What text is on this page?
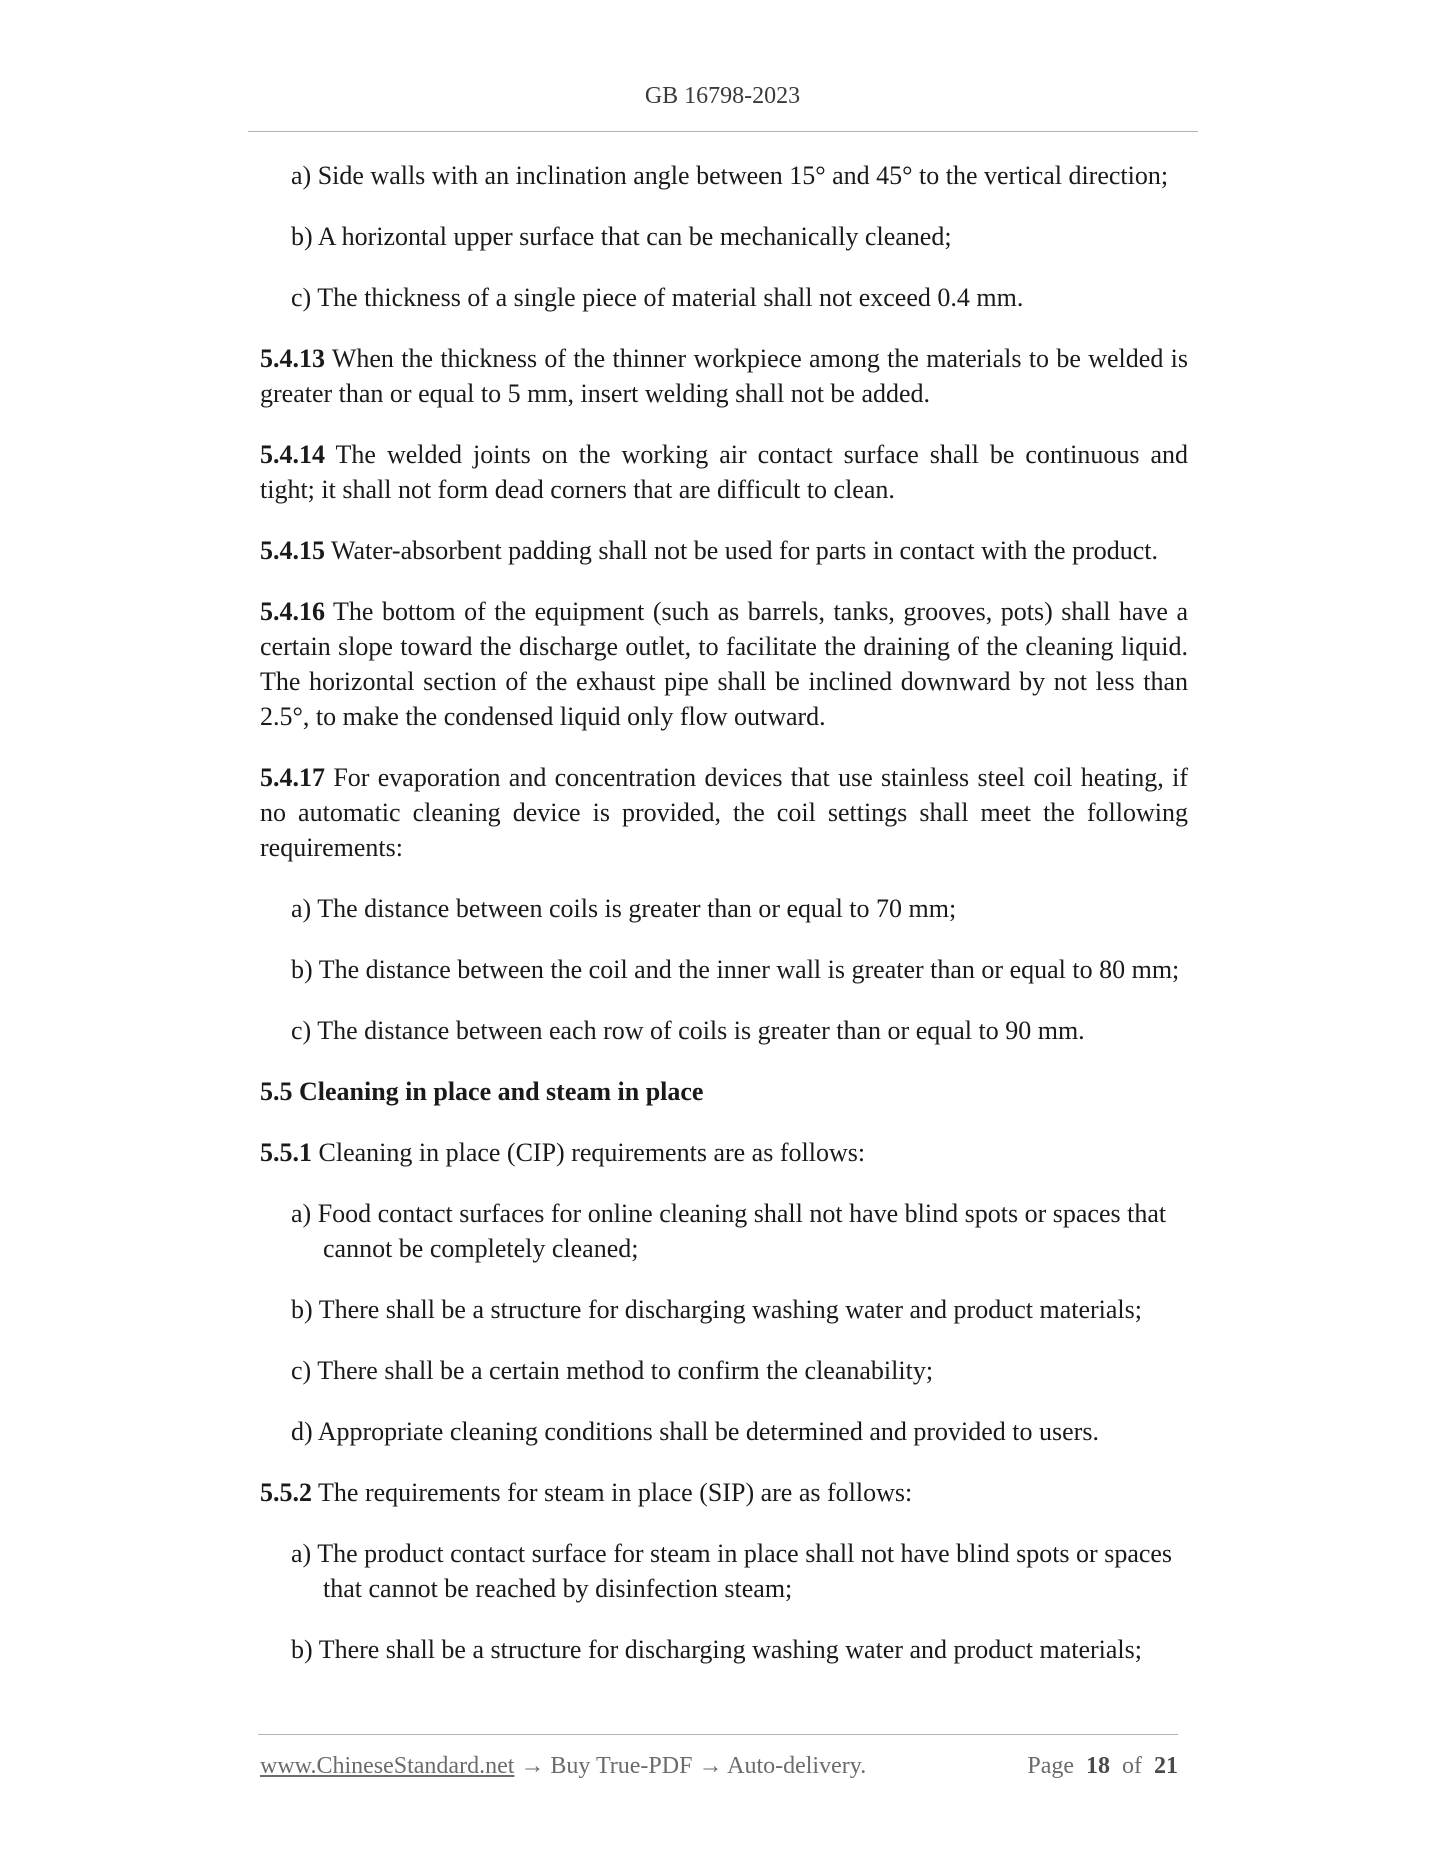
GB 16798-2023

a) Side walls with an inclination angle between 15° and 45° to the vertical direction;

b) A horizontal upper surface that can be mechanically cleaned;

c) The thickness of a single piece of material shall not exceed 0.4 mm.

5.4.13 When the thickness of the thinner workpiece among the materials to be welded is greater than or equal to 5 mm, insert welding shall not be added.

5.4.14 The welded joints on the working air contact surface shall be continuous and tight; it shall not form dead corners that are difficult to clean.

5.4.15 Water-absorbent padding shall not be used for parts in contact with the product.

5.4.16 The bottom of the equipment (such as barrels, tanks, grooves, pots) shall have a certain slope toward the discharge outlet, to facilitate the draining of the cleaning liquid. The horizontal section of the exhaust pipe shall be inclined downward by not less than 2.5°, to make the condensed liquid only flow outward.

5.4.17 For evaporation and concentration devices that use stainless steel coil heating, if no automatic cleaning device is provided, the coil settings shall meet the following requirements:

a) The distance between coils is greater than or equal to 70 mm;

b) The distance between the coil and the inner wall is greater than or equal to 80 mm;

c) The distance between each row of coils is greater than or equal to 90 mm.

5.5 Cleaning in place and steam in place

5.5.1 Cleaning in place (CIP) requirements are as follows:

a) Food contact surfaces for online cleaning shall not have blind spots or spaces that cannot be completely cleaned;

b) There shall be a structure for discharging washing water and product materials;

c) There shall be a certain method to confirm the cleanability;

d) Appropriate cleaning conditions shall be determined and provided to users.

5.5.2 The requirements for steam in place (SIP) are as follows:

a) The product contact surface for steam in place shall not have blind spots or spaces that cannot be reached by disinfection steam;

b) There shall be a structure for discharging washing water and product materials;

www.ChineseStandard.net → Buy True-PDF → Auto-delivery.	Page 18 of 21
